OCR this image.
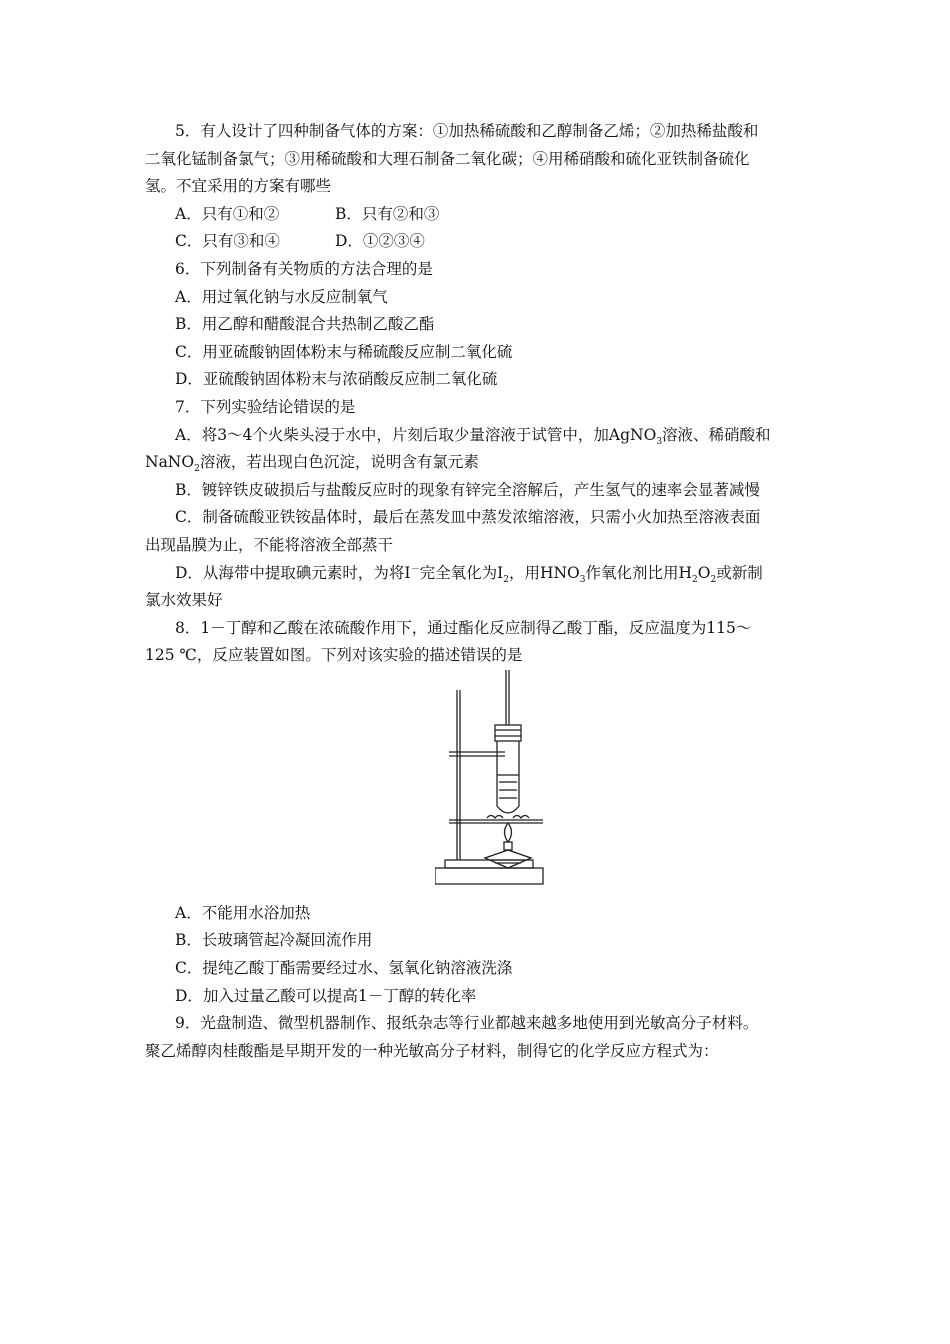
5．有人设计了四种制备气体的方案：①加热稀硫酸和乙醇制备乙烯；②加热稀盐酸和
二氧化锰制备氯气；③用稀硫酸和大理石制备二氧化碳；④用稀硝酸和硫化亚铁制备硫化
氢。不宜采用的方案有哪些
A．只有①和②	B．只有②和③
C．只有③和④	D．①②③④
6．下列制备有关物质的方法合理的是
A．用过氧化钠与水反应制氧气
B．用乙醇和醋酸混合共热制乙酸乙酯
C．用亚硫酸钠固体粉末与稀硫酸反应制二氧化硫
D．亚硫酸钠固体粉末与浓硝酸反应制二氧化硫
7．下列实验结论错误的是
A．将3～4个火柴头浸于水中，片刻后取少量溶液于试管中，加AgNO$_3$溶液、稀硝酸和
NaNO$_2$溶液，若出现白色沉淀，说明含有氯元素
B．镀锌铁皮破损后与盐酸反应时的现象有锌完全溶解后，产生氢气的速率会显著减慢
C．制备硫酸亚铁铵晶体时，最后在蒸发皿中蒸发浓缩溶液，只需小火加热至溶液表面
出现晶膜为止，不能将溶液全部蒸干
D．从海带中提取碘元素时，为将I－完全氧化为$I_2$，用$HNO_3$作氧化剂比用$H_2O_2$或新制
氯水效果好
8．1－丁醇和乙酸在浓硫酸作用下，通过酯化反应制得乙酸丁酯，反应温度为115～
125 ℃，反应装置如图。下列对该实验的描述错误的是
A．不能用水浴加热
B．长玻璃管起冷凝回流作用
C．提纯乙酸丁酯需要经过水、氢氧化钠溶液洗涤
D．加入过量乙酸可以提高1－丁醇的转化率
9．光盘制造、微型机器制作、报纸杂志等行业都越来越多地使用到光敏高分子材料。
聚乙烯醇肉桂酸酯是早期开发的一种光敏高分子材料，制得它的化学反应方程式为：
